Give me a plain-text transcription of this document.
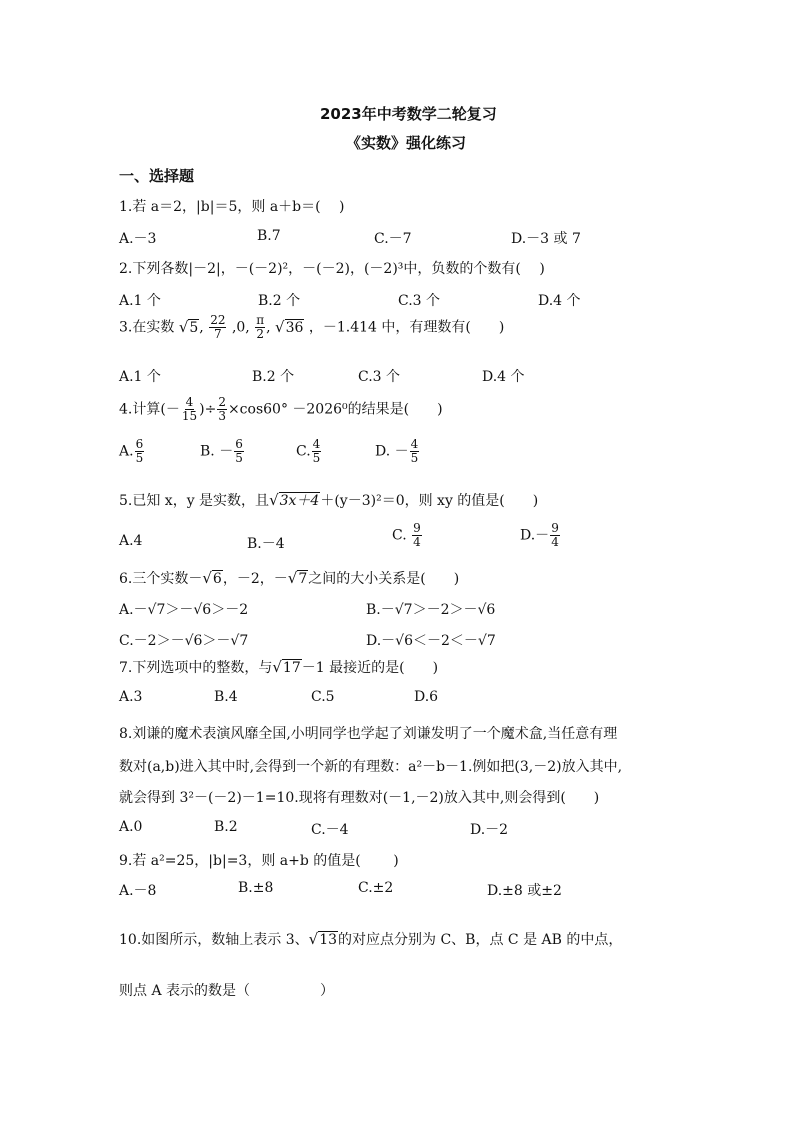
2023年中考数学二轮复习
《实数》强化练习
一、选择题
1.若 a＝2，|b|＝5，则 a＋b＝(　 )
A.－3	B.7	C.－7	D.－3 或 7
2.下列各数|－2|，－(－2)²，－(－2)，(－2)³中，负数的个数有(　 )
A.1 个	B.2 个	C.3 个	D.4 个
3.在实数 √5, $\frac{22}{7} ,0$, $\frac{\pi}{2}$ , √36 ，－1.414 中，有理数有(　　)
A.1 个	B.2 个	C.3 个	D.4 个
4.计算(－ $\frac{4}{15}$ )÷ $\frac{2}{3} \times\cos 60^\circ -2026^0$的结果是(　　)
A. $\frac{6}{5}$	B. － $\frac{6}{5}$	C. $\frac{4}{5}$	D. － $\frac{4}{5}$
5.已知 x，y 是实数，且√3x＋4＋(y－3)²＝0，则 xy 的值是(　　)
A.4	B.－4
C. $\frac{9}{4}$	$D.- \frac{9}{4}$
6.三个实数－√6，－2，－√7之间的大小关系是(　　)
A.－√7＞－√6＞－2	B.－√7＞－2＞－√6
C.－2＞－√6＞－√7	D.－√6＜－2＜－√7
7.下列选项中的整数，与√17－1 最接近的是(　　)
A.3	B.4	C.5	D.6
8.刘谦的魔术表演风靡全国,小明同学也学起了刘谦发明了一个魔术盒,当任意有理
数对(a,b)进入其中时,会得到一个新的有理数：a²－b－1.例如把(3,－2)放入其中,
就会得到 3²－(－2)－1=10.现将有理数对(－1,－2)放入其中,则会得到(　　)
A.0	B.2	C.－4	D.－2
9.若 a²=25，|b|=3，则 a+b 的值是(　　 )
A.－8	B.±8	C.±2	D.±8 或±2
10.如图所示，数轴上表示 3、√13的对应点分别为 C、B，点 C 是 AB 的中点，
则点 A 表示的数是（　　　　　）
